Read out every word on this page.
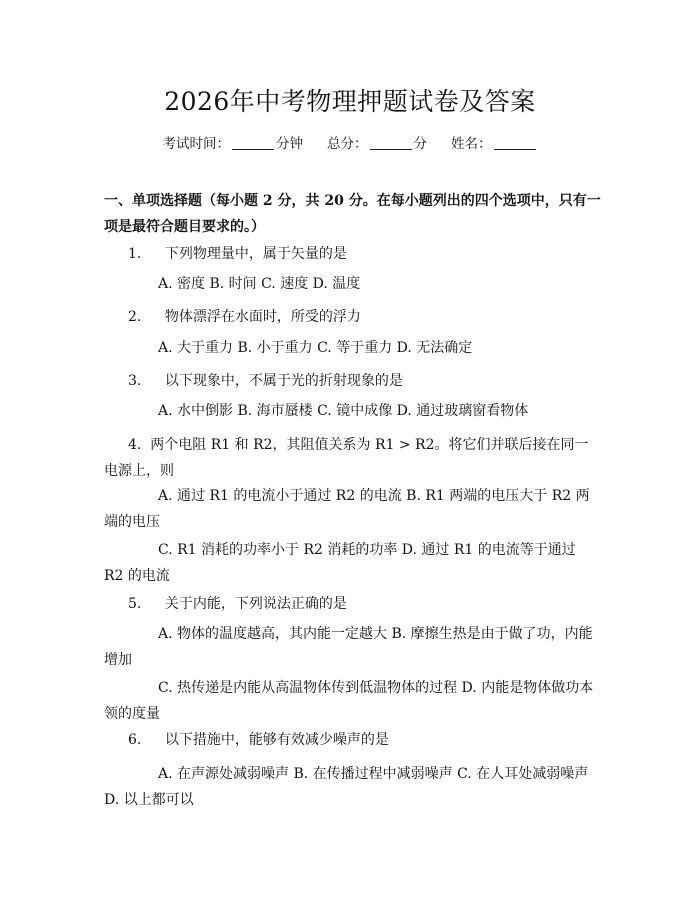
2026年中考物理押题试卷及答案
考试时间：	分钟 总分：	分 姓名：
一、单项选择题（每小题 2 分，共 20 分。在每小题列出的四个选项中，只有一项是最符合题目要求的。）
1. 下列物理量中，属于矢量的是
A. 密度 B. 时间 C. 速度 D. 温度
2. 物体漂浮在水面时，所受的浮力
A. 大于重力 B. 小于重力 C. 等于重力 D. 无法确定
3. 以下现象中，不属于光的折射现象的是
A. 水中倒影 B. 海市蜃楼 C. 镜中成像 D. 通过玻璃窗看物体
4. 两个电阻 R1 和 R2，其阻值关系为 R1 > R2。将它们并联后接在同一电源上，则
A. 通过 R1 的电流小于通过 R2 的电流 B. R1 两端的电压大于 R2 两端的电压
C. R1 消耗的功率小于 R2 消耗的功率 D. 通过 R1 的电流等于通过 R2 的电流
5. 关于内能，下列说法正确的是
A. 物体的温度越高，其内能一定越大 B. 摩擦生热是由于做了功，内能增加
C. 热传递是内能从高温物体传到低温物体的过程 D. 内能是物体做功本领的度量
6. 以下措施中，能够有效减少噪声的是
A. 在声源处减弱噪声 B. 在传播过程中减弱噪声 C. 在人耳处减弱噪声 D. 以上都可以
